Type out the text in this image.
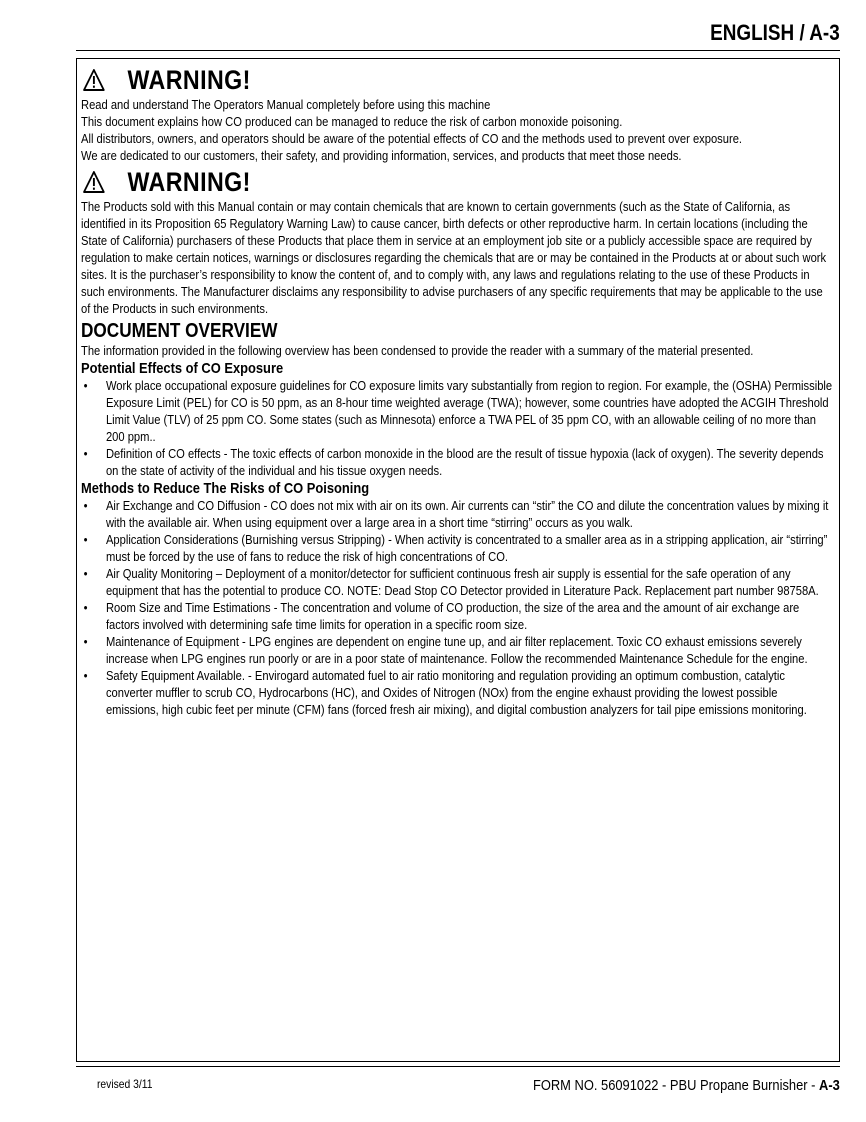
ENGLISH / A-3
WARNING!

Read and understand The Operators Manual completely before using this machine

This document explains how CO produced can be managed to reduce the risk of carbon monoxide poisoning.

All distributors, owners, and operators should be aware of the potential effects of CO and the methods used to prevent over exposure.

We are dedicated to our customers, their safety, and providing information, services, and products that meet those needs.

WARNING!

The Products sold with this Manual contain or may contain chemicals that are known to certain governments (such as the State of California, as identified in its Proposition 65 Regulatory Warning Law) to cause cancer, birth defects or other reproductive harm. In certain locations (including the State of California) purchasers of these Products that place them in service at an employment job site or a publicly accessible space are required by regulation to make certain notices, warnings or disclosures regarding the chemicals that are or may be contained in the Products at or about such work sites. It is the purchaser’s responsibility to know the content of, and to comply with, any laws and regulations relating to the use of these Products in such environments. The Manufacturer disclaims any responsibility to advise purchasers of any specific requirements that may be applicable to the use of the Products in such environments.

DOCUMENT OVERVIEW

The information provided in the following overview has been condensed to provide the reader with a summary of the material presented.

Potential Effects of CO Exposure
• Work place occupational exposure guidelines for CO exposure limits vary substantially from region to region. For example, the (OSHA) Permissible Exposure Limit (PEL) for CO is 50 ppm, as an 8-hour time weighted average (TWA); however, some countries have adopted the ACGIH Threshold Limit Value (TLV) of 25 ppm CO. Some states (such as Minnesota) enforce a TWA PEL of 35 ppm CO, with an allowable ceiling of no more than 200 ppm..
• Definition of CO effects - The toxic effects of carbon monoxide in the blood are the result of tissue hypoxia (lack of oxygen). The severity depends on the state of activity of the individual and his tissue oxygen needs.
Methods to Reduce The Risks of CO Poisoning
• Air Exchange and CO Diffusion - CO does not mix with air on its own. Air currents can “stir” the CO and dilute the concentration values by mixing it with the available air. When using equipment over a large area in a short time “stirring” occurs as you walk.
• Application Considerations (Burnishing versus Stripping) - When activity is concentrated to a smaller area as in a stripping application, air “stirring” must be forced by the use of fans to reduce the risk of high concentrations of CO.
• Air Quality Monitoring – Deployment of a monitor/detector for sufficient continuous fresh air supply is essential for the safe operation of any equipment that has the potential to produce CO. NOTE: Dead Stop CO Detector provided in Literature Pack. Replacement part number 98758A.
• Room Size and Time Estimations - The concentration and volume of CO production, the size of the area and the amount of air exchange are factors involved with determining safe time limits for operation in a specific room size.
• Maintenance of Equipment - LPG engines are dependent on engine tune up, and air filter replacement. Toxic CO exhaust emissions severely increase when LPG engines run poorly or are in a poor state of maintenance. Follow the recommended Maintenance Schedule for the engine.
• Safety Equipment Available. - Envirogard automated fuel to air ratio monitoring and regulation providing an optimum combustion, catalytic converter muffler to scrub CO, Hydrocarbons (HC), and Oxides of Nitrogen (NOx) from the engine exhaust providing the lowest possible emissions, high cubic feet per minute (CFM) fans (forced fresh air mixing), and digital combustion analyzers for tail pipe emissions monitoring.
revised 3/11	FORM NO. 56091022 - PBU Propane Burnisher - A-3
